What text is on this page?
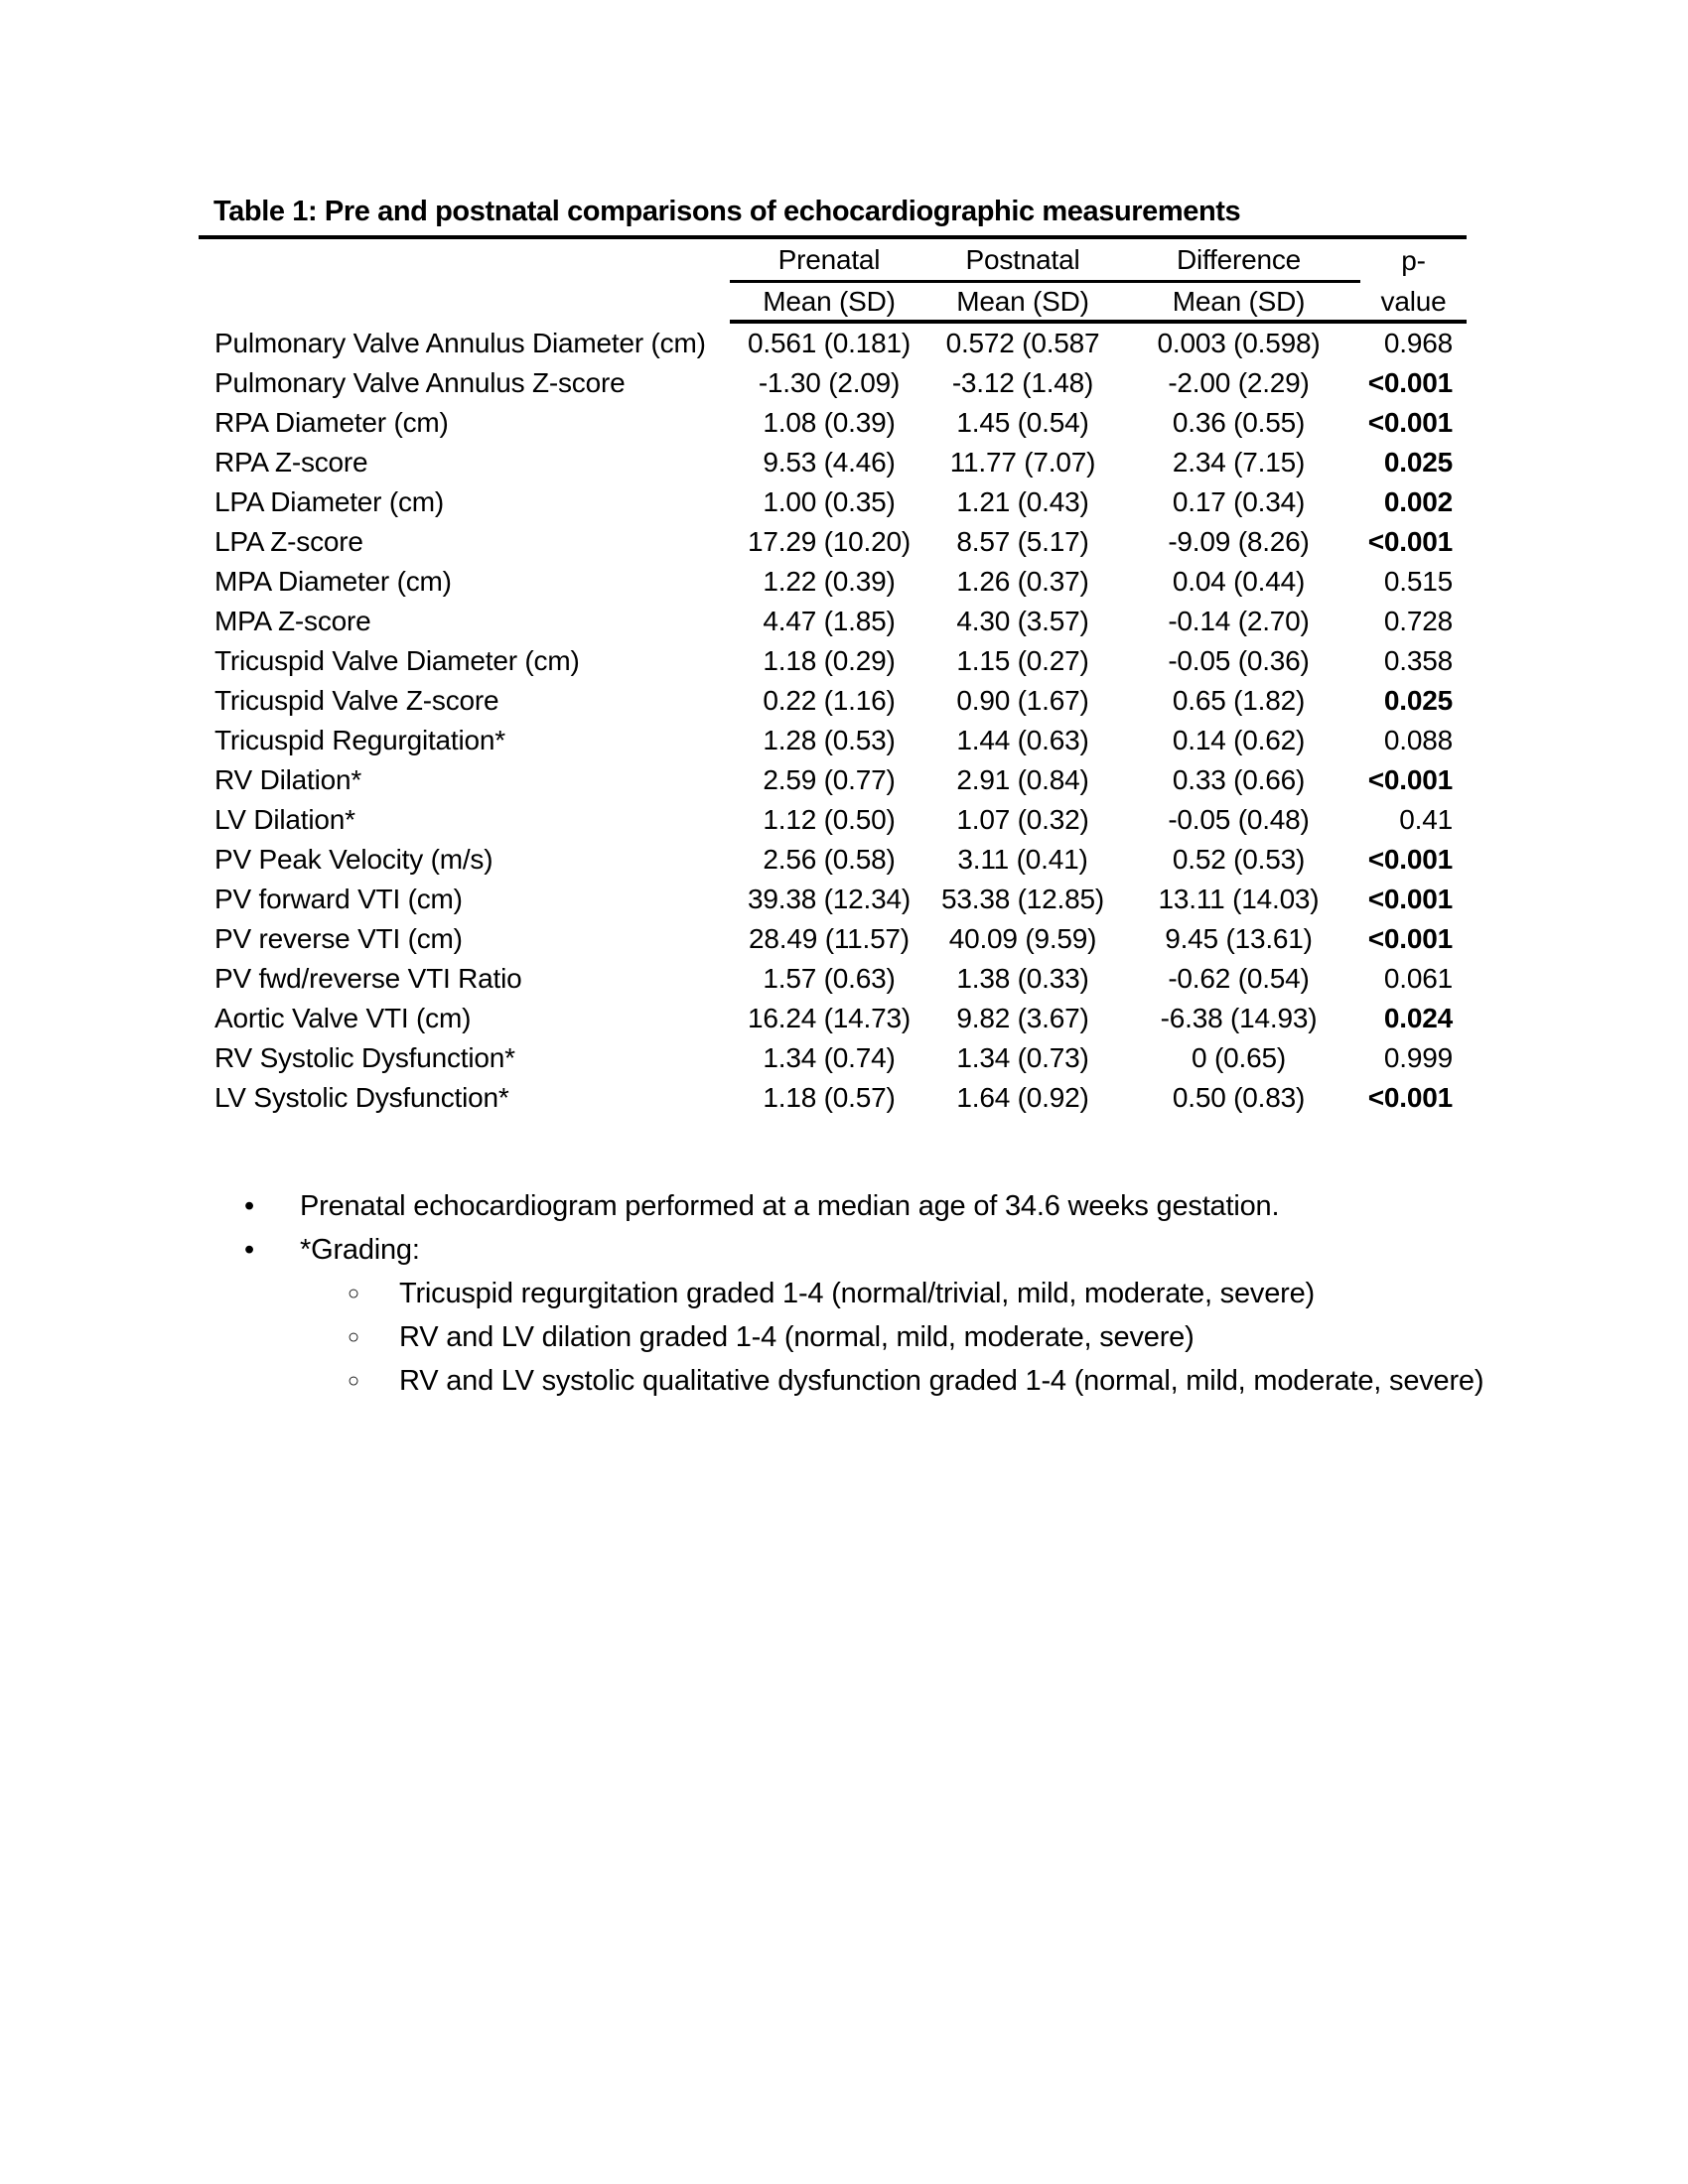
Table 1: Pre and postnatal comparisons of echocardiographic measurements
Prenatal	Postnatal	Difference	p-
Mean (SD)	Mean (SD)	Mean (SD)	value
Pulmonary Valve Annulus Diameter (cm)	0.561 (0.181)	0.572 (0.587	0.003 (0.598)	0.968
Pulmonary Valve Annulus Z-score	-1.30 (2.09)	-3.12 (1.48)	-2.00 (2.29)	<0.001
RPA Diameter (cm)	1.08 (0.39)	1.45 (0.54)	0.36 (0.55)	<0.001
RPA Z-score	9.53 (4.46)	11.77 (7.07)	2.34 (7.15)	0.025
LPA Diameter (cm)	1.00 (0.35)	1.21 (0.43)	0.17 (0.34)	0.002
LPA Z-score	17.29 (10.20)	8.57 (5.17)	-9.09 (8.26)	<0.001
MPA Diameter (cm)	1.22 (0.39)	1.26 (0.37)	0.04 (0.44)	0.515
MPA Z-score	4.47 (1.85)	4.30 (3.57)	-0.14 (2.70)	0.728
Tricuspid Valve Diameter (cm)	1.18 (0.29)	1.15 (0.27)	-0.05 (0.36)	0.358
Tricuspid Valve Z-score	0.22 (1.16)	0.90 (1.67)	0.65 (1.82)	0.025
Tricuspid Regurgitation*	1.28 (0.53)	1.44 (0.63)	0.14 (0.62)	0.088
RV Dilation*	2.59 (0.77)	2.91 (0.84)	0.33 (0.66)	<0.001
LV Dilation*	1.12 (0.50)	1.07 (0.32)	-0.05 (0.48)	0.41
PV Peak Velocity (m/s)	2.56 (0.58)	3.11 (0.41)	0.52 (0.53)	<0.001
PV forward VTI (cm)	39.38 (12.34)	53.38 (12.85)	13.11 (14.03)	<0.001
PV reverse VTI (cm)	28.49 (11.57)	40.09 (9.59)	9.45 (13.61)	<0.001
PV fwd/reverse VTI Ratio	1.57 (0.63)	1.38 (0.33)	-0.62 (0.54)	0.061
Aortic Valve VTI (cm)	16.24 (14.73)	9.82 (3.67)	-6.38 (14.93)	0.024
RV Systolic Dysfunction*	1.34 (0.74)	1.34 (0.73)	0 (0.65)	0.999
LV Systolic Dysfunction*	1.18 (0.57)	1.64 (0.92)	0.50 (0.83)	<0.001
•	Prenatal echocardiogram performed at a median age of 34.6 weeks gestation.
•	*Grading:
○	Tricuspid regurgitation graded 1-4 (normal/trivial, mild, moderate, severe)
○	RV and LV dilation graded 1-4 (normal, mild, moderate, severe)
○	RV and LV systolic qualitative dysfunction graded 1-4 (normal, mild, moderate, severe)
